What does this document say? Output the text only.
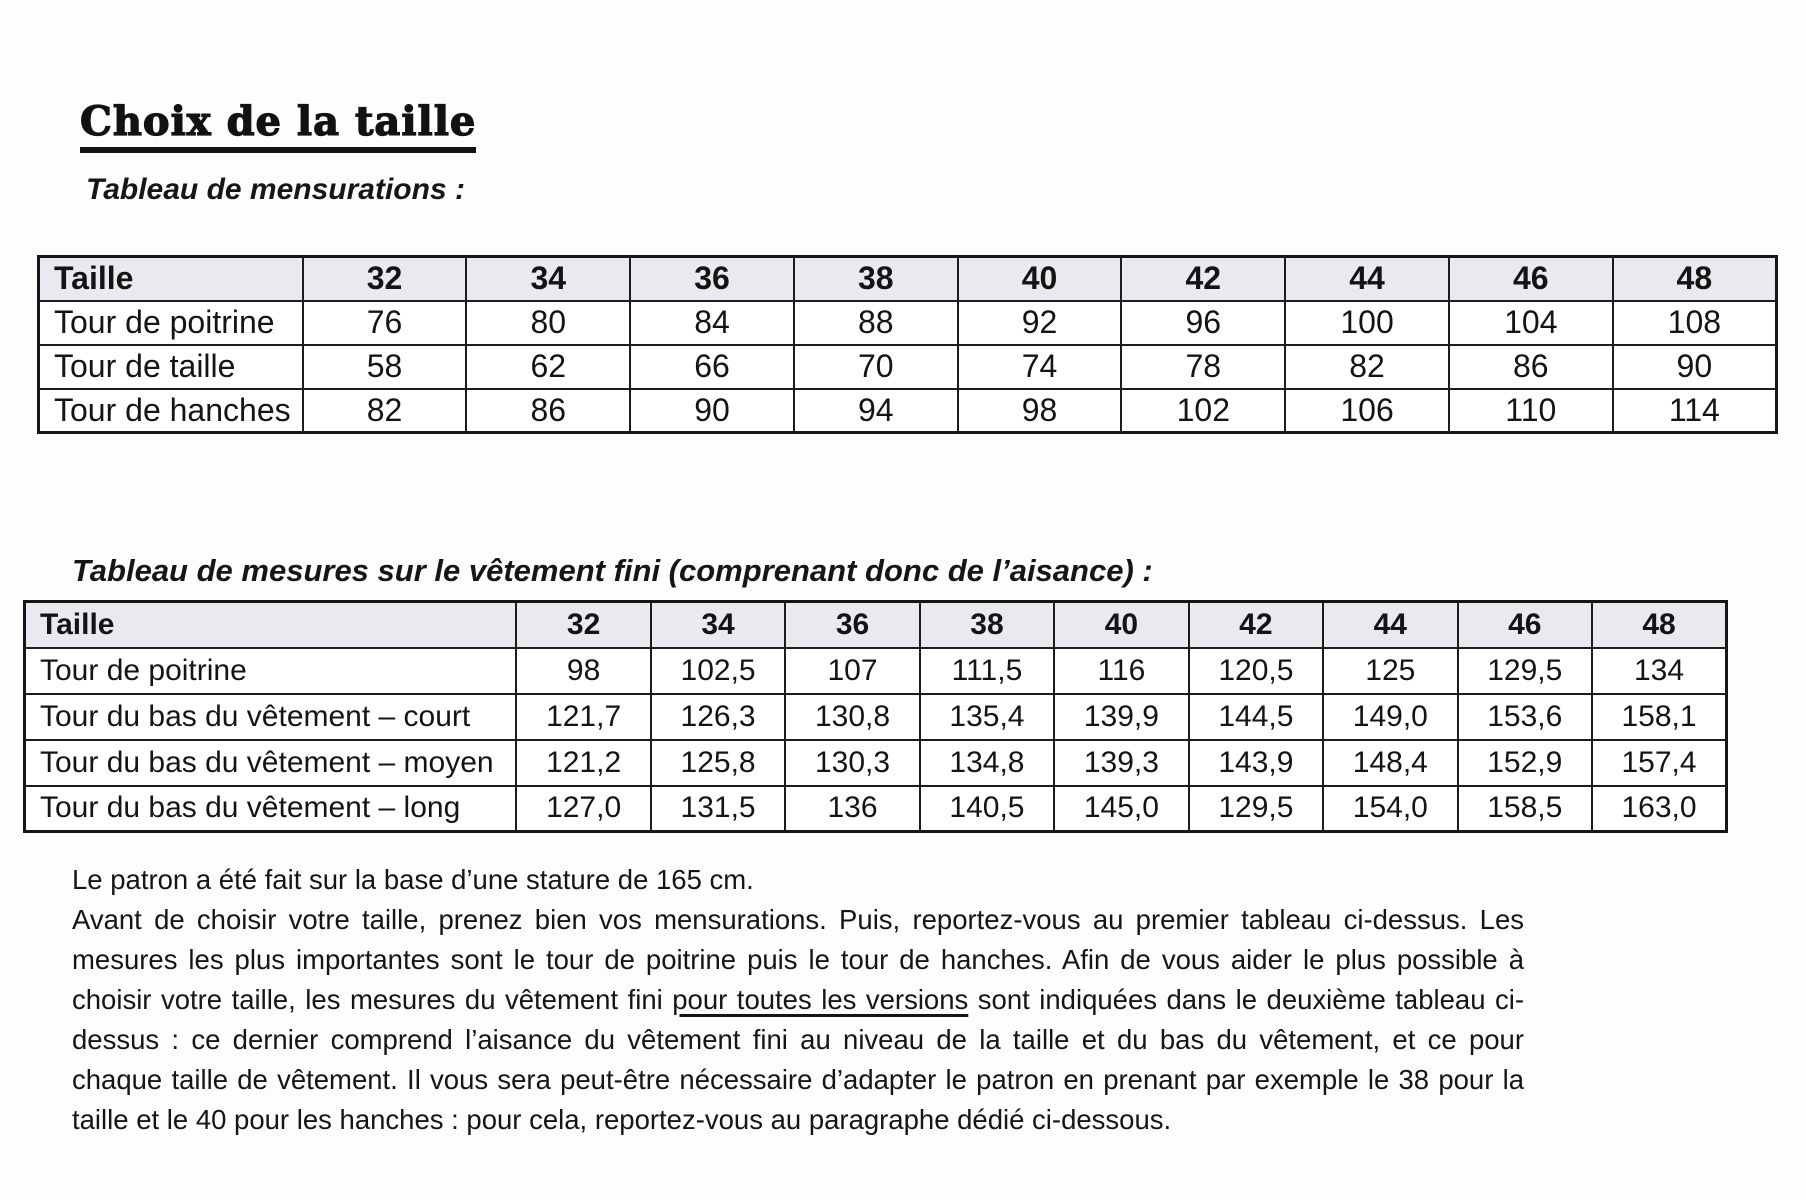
Choix de la taille
Tableau de mensurations :
Taille	32	34	36	38	40	42	44	46	48
Tour de poitrine	76	80	84	88	92	96	100	104	108
Tour de taille	58	62	66	70	74	78	82	86	90
Tour de hanches	82	86	90	94	98	102	106	110	114
Tableau de mesures sur le vêtement fini (comprenant donc de l’aisance) :
Taille	32	34	36	38	40	42	44	46	48
Tour de poitrine	98	102,5	107	111,5	116	120,5	125	129,5	134
Tour du bas du vêtement – court	121,7	126,3	130,8	135,4	139,9	144,5	149,0	153,6	158,1
Tour du bas du vêtement – moyen	121,2	125,8	130,3	134,8	139,3	143,9	148,4	152,9	157,4
Tour du bas du vêtement – long	127,0	131,5	136	140,5	145,0	129,5	154,0	158,5	163,0
Le patron a été fait sur la base d’une stature de 165 cm.
Avant de choisir votre taille, prenez bien vos mensurations. Puis, reportez-vous au premier tableau ci-dessus. Les mesures les plus importantes sont le tour de poitrine puis le tour de hanches. Afin de vous aider le plus possible à choisir votre taille, les mesures du vêtement fini pour toutes les versions sont indiquées dans le deuxième tableau ci-dessus : ce dernier comprend l’aisance du vêtement fini au niveau de la taille et du bas du vêtement, et ce pour chaque taille de vêtement. Il vous sera peut-être nécessaire d’adapter le patron en prenant par exemple le 38 pour la taille et le 40 pour les hanches : pour cela, reportez-vous au paragraphe dédié ci-dessous.
